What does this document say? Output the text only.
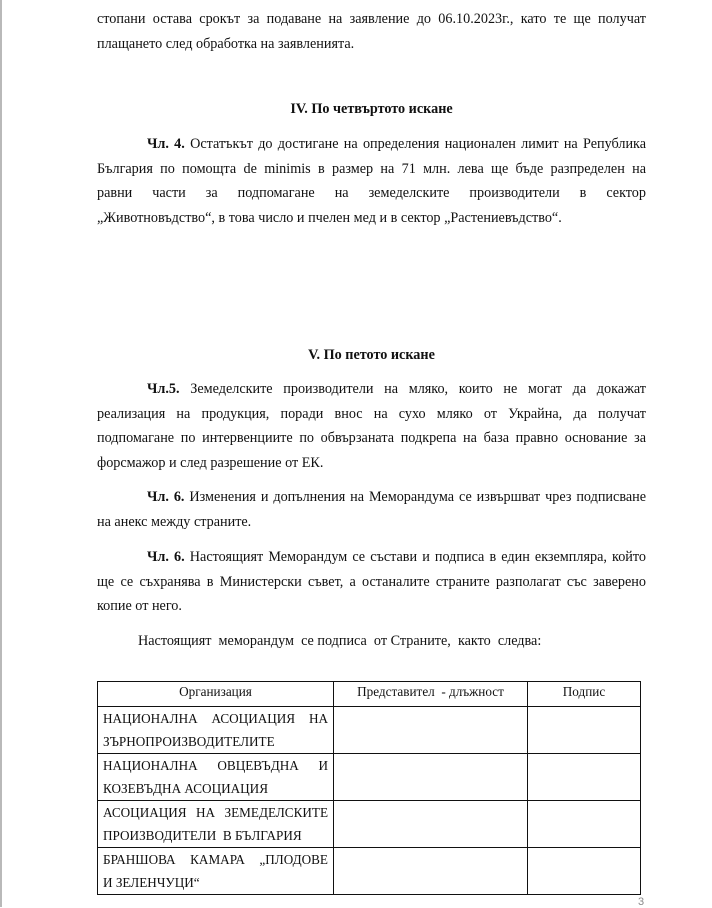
стопани остава срокът за подаване на заявление до 06.10.2023г., като те ще получат
плащането след обработка на заявленията.
IV. По четвъртото искане
Чл. 4. Остатъкът до достигане на определения национален лимит на Република
България по помощта de minimis в размер на 71 млн. лева ще бъде разпределен на
равни части за подпомагане на земеделските производители в сектор
„Животновъдство“, в това число и пчелен мед и в сектор „Растениевъдство“.
V. По петото искане
Чл.5. Земеделските производители на мляко, които не могат да докажат
реализация на продукция, поради внос на сухо мляко от Украйна, да получат
подпомагане по интервенциите по обвързаната подкрепа на база правно основание за
форсмажор и след разрешение от ЕК.
Чл. 6. Изменения и допълнения на Меморандума се извършват чрез подписване
на анекс между страните.
Чл. 6. Настоящият Меморандум се състави и подписа в един екземпляра, който
ще се съхранява в Министерски съвет, а останалите страните разполагат със заверено
копие от него.
Настоящият  меморандум  се подписа  от Страните,  както  следва:
Организация	Представител  - длъжност	Подпис

НАЦИОНАЛНА АСОЦИАЦИЯ НА
ЗЪРНОПРОИЗВОДИТЕЛИТЕ		

НАЦИОНАЛНА ОВЦЕВЪДНА И
КОЗЕВЪДНА АСОЦИАЦИЯ		

АСОЦИАЦИЯ НА ЗЕМЕДЕЛСКИТЕ
ПРОИЗВОДИТЕЛИ  В БЪЛГАРИЯ		

БРАНШОВА КАМАРА „ПЛОДОВЕ
И ЗЕЛЕНЧУЦИ“		

3
